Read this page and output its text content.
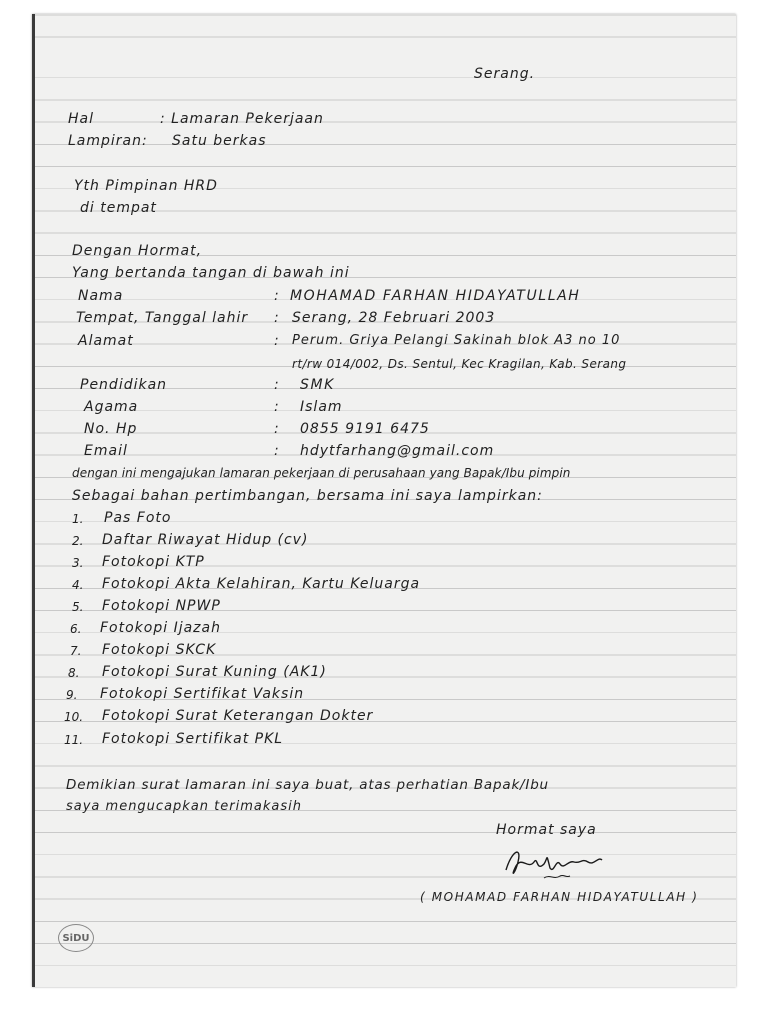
Serang.
Hal	: Lamaran Pekerjaan
Lampiran: Satu berkas
Yth Pimpinan HRD
di tempat
Dengan Hormat,
Yang bertanda tangan di bawah ini
Nama	: MOHAMAD FARHAN HIDAYATULLAH
Tempat, Tanggal lahir : Serang, 28 Februari 2003
Alamat	: Perum. Griya Pelangi Sakinah blok A3 no 10
rt/rw 014/002, Ds. Sentul, Kec Kragilan, Kab. Serang
Pendidikan	: SMK
Agama	: Islam
No. Hp	: 0855 9191 6475
Email	: hdytfarhang@gmail.com
dengan ini mengajukan lamaran pekerjaan di perusahaan yang Bapak/Ibu pimpin
Sebagai bahan pertimbangan, bersama ini saya lampirkan:
1. Pas Foto
2. Daftar Riwayat Hidup (cv)
3. Fotokopi KTP
4. Fotokopi Akta Kelahiran, Kartu Keluarga
5. Fotokopi NPWP
6. Fotokopi Ijazah
7. Fotokopi SKCK
8. Fotokopi Surat Kuning (AK1)
9. Fotokopi Sertifikat Vaksin
10. Fotokopi Surat Keterangan Dokter
11. Fotokopi Sertifikat PKL
Demikian surat lamaran ini saya buat, atas perhatian Bapak/Ibu
saya mengucapkan terimakasih
Hormat saya
( MOHAMAD FARHAN HIDAYATULLAH )
SiDU
